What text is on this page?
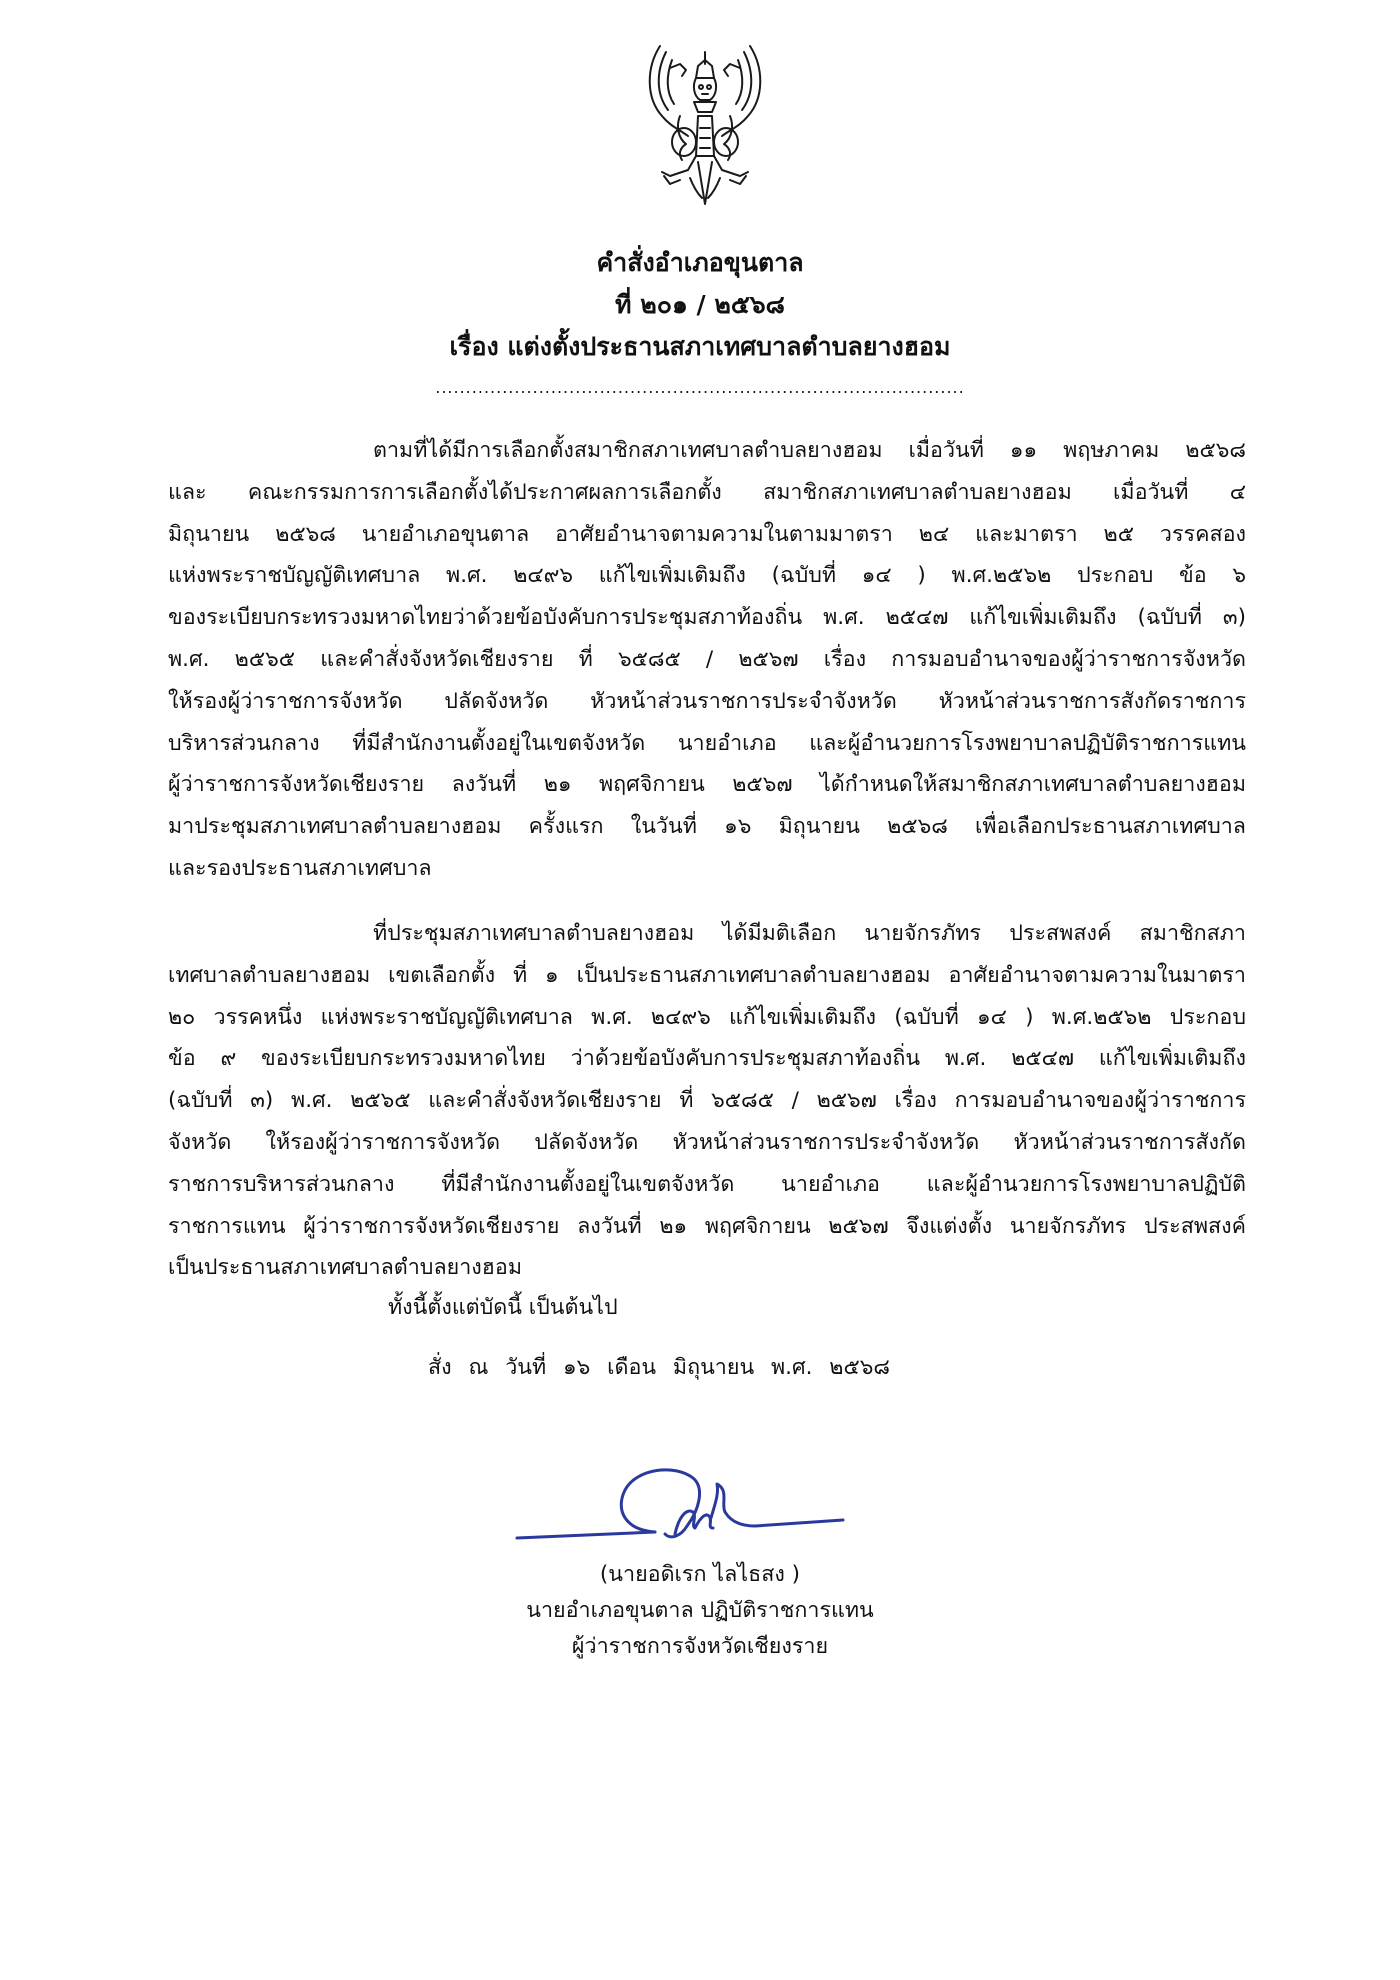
คำสั่งอำเภอขุนตาล
ที่ ๒๐๑ / ๒๕๖๘
เรื่อง แต่งตั้งประธานสภาเทศบาลตำบลยางฮอม
.......................................................................................
ตามที่ได้มีการเลือกตั้งสมาชิกสภาเทศบาลตำบลยางฮอม เมื่อวันที่ ๑๑ พฤษภาคม ๒๕๖๘
และ คณะกรรมการการเลือกตั้งได้ประกาศผลการเลือกตั้ง สมาชิกสภาเทศบาลตำบลยางฮอม เมื่อวันที่ ๔
มิถุนายน ๒๕๖๘ นายอำเภอขุนตาล อาศัยอำนาจตามความในตามมาตรา ๒๔ และมาตรา ๒๕ วรรคสอง
แห่งพระราชบัญญัติเทศบาล พ.ศ. ๒๔๙๖ แก้ไขเพิ่มเติมถึง (ฉบับที่ ๑๔ ) พ.ศ.๒๕๖๒ ประกอบ ข้อ ๖
ของระเบียบกระทรวงมหาดไทยว่าด้วยข้อบังคับการประชุมสภาท้องถิ่น พ.ศ. ๒๕๔๗ แก้ไขเพิ่มเติมถึง (ฉบับที่ ๓)
พ.ศ. ๒๕๖๕ และคำสั่งจังหวัดเชียงราย ที่ ๖๕๘๕ / ๒๕๖๗ เรื่อง การมอบอำนาจของผู้ว่าราชการจังหวัด
ให้รองผู้ว่าราชการจังหวัด ปลัดจังหวัด หัวหน้าส่วนราชการประจำจังหวัด หัวหน้าส่วนราชการสังกัดราชการ
บริหารส่วนกลาง ที่มีสำนักงานตั้งอยู่ในเขตจังหวัด นายอำเภอ และผู้อำนวยการโรงพยาบาลปฏิบัติราชการแทน
ผู้ว่าราชการจังหวัดเชียงราย ลงวันที่ ๒๑ พฤศจิกายน ๒๕๖๗ ได้กำหนดให้สมาชิกสภาเทศบาลตำบลยางฮอม
มาประชุมสภาเทศบาลตำบลยางฮอม ครั้งแรก ในวันที่ ๑๖ มิถุนายน ๒๕๖๘ เพื่อเลือกประธานสภาเทศบาล
และรองประธานสภาเทศบาล
ที่ประชุมสภาเทศบาลตำบลยางฮอม ได้มีมติเลือก นายจักรภัทร ประสพสงค์ สมาชิกสภา
เทศบาลตำบลยางฮอม เขตเลือกตั้ง ที่ ๑ เป็นประธานสภาเทศบาลตำบลยางฮอม อาศัยอำนาจตามความในมาตรา
๒๐ วรรคหนึ่ง แห่งพระราชบัญญัติเทศบาล พ.ศ. ๒๔๙๖ แก้ไขเพิ่มเติมถึง (ฉบับที่ ๑๔ ) พ.ศ.๒๕๖๒ ประกอบ
ข้อ ๙ ของระเบียบกระทรวงมหาดไทย ว่าด้วยข้อบังคับการประชุมสภาท้องถิ่น พ.ศ. ๒๕๔๗ แก้ไขเพิ่มเติมถึง
(ฉบับที่ ๓) พ.ศ. ๒๕๖๕ และคำสั่งจังหวัดเชียงราย ที่ ๖๕๘๕ / ๒๕๖๗ เรื่อง การมอบอำนาจของผู้ว่าราชการ
จังหวัด ให้รองผู้ว่าราชการจังหวัด ปลัดจังหวัด หัวหน้าส่วนราชการประจำจังหวัด หัวหน้าส่วนราชการสังกัด
ราชการบริหารส่วนกลาง ที่มีสำนักงานตั้งอยู่ในเขตจังหวัด นายอำเภอ และผู้อำนวยการโรงพยาบาลปฏิบัติ
ราชการแทน ผู้ว่าราชการจังหวัดเชียงราย ลงวันที่ ๒๑ พฤศจิกายน ๒๕๖๗ จึงแต่งตั้ง นายจักรภัทร ประสพสงค์
เป็นประธานสภาเทศบาลตำบลยางฮอม
ทั้งนี้ตั้งแต่บัดนี้ เป็นต้นไป
สั่ง ณ วันที่ ๑๖ เดือน มิถุนายน พ.ศ. ๒๕๖๘
(นายอดิเรก ไลไธสง )
นายอำเภอขุนตาล ปฏิบัติราชการแทน
ผู้ว่าราชการจังหวัดเชียงราย
